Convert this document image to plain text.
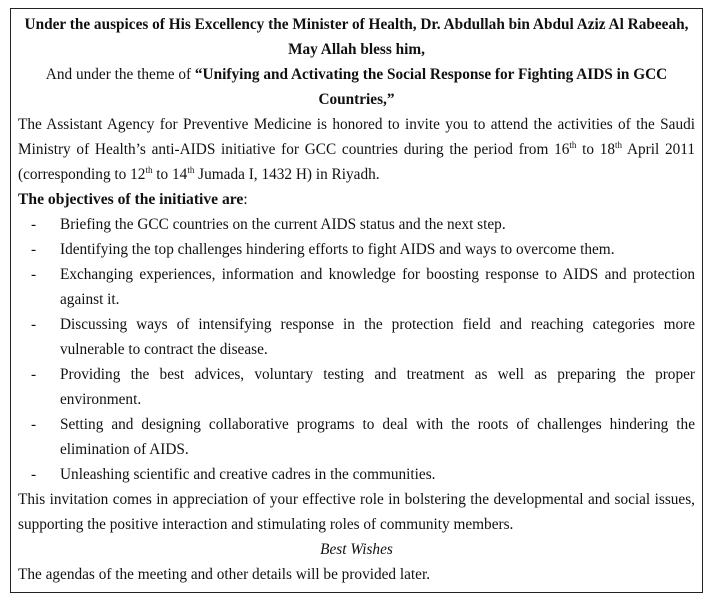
Under the auspices of His Excellency the Minister of Health, Dr. Abdullah bin Abdul Aziz Al Rabeeah, May Allah bless him,
And under the theme of “Unifying and Activating the Social Response for Fighting AIDS in GCC Countries,”
The Assistant Agency for Preventive Medicine is honored to invite you to attend the activities of the Saudi Ministry of Health’s anti-AIDS initiative for GCC countries during the period from 16th to 18th April 2011 (corresponding to 12th to 14th Jumada I, 1432 H) in Riyadh.
The objectives of the initiative are:
- Briefing the GCC countries on the current AIDS status and the next step.
- Identifying the top challenges hindering efforts to fight AIDS and ways to overcome them.
- Exchanging experiences, information and knowledge for boosting response to AIDS and protection against it.
- Discussing ways of intensifying response in the protection field and reaching categories more vulnerable to contract the disease.
- Providing the best advices, voluntary testing and treatment as well as preparing the proper environment.
- Setting and designing collaborative programs to deal with the roots of challenges hindering the elimination of AIDS.
- Unleashing scientific and creative cadres in the communities.
This invitation comes in appreciation of your effective role in bolstering the developmental and social issues, supporting the positive interaction and stimulating roles of community members.
Best Wishes
The agendas of the meeting and other details will be provided later.
